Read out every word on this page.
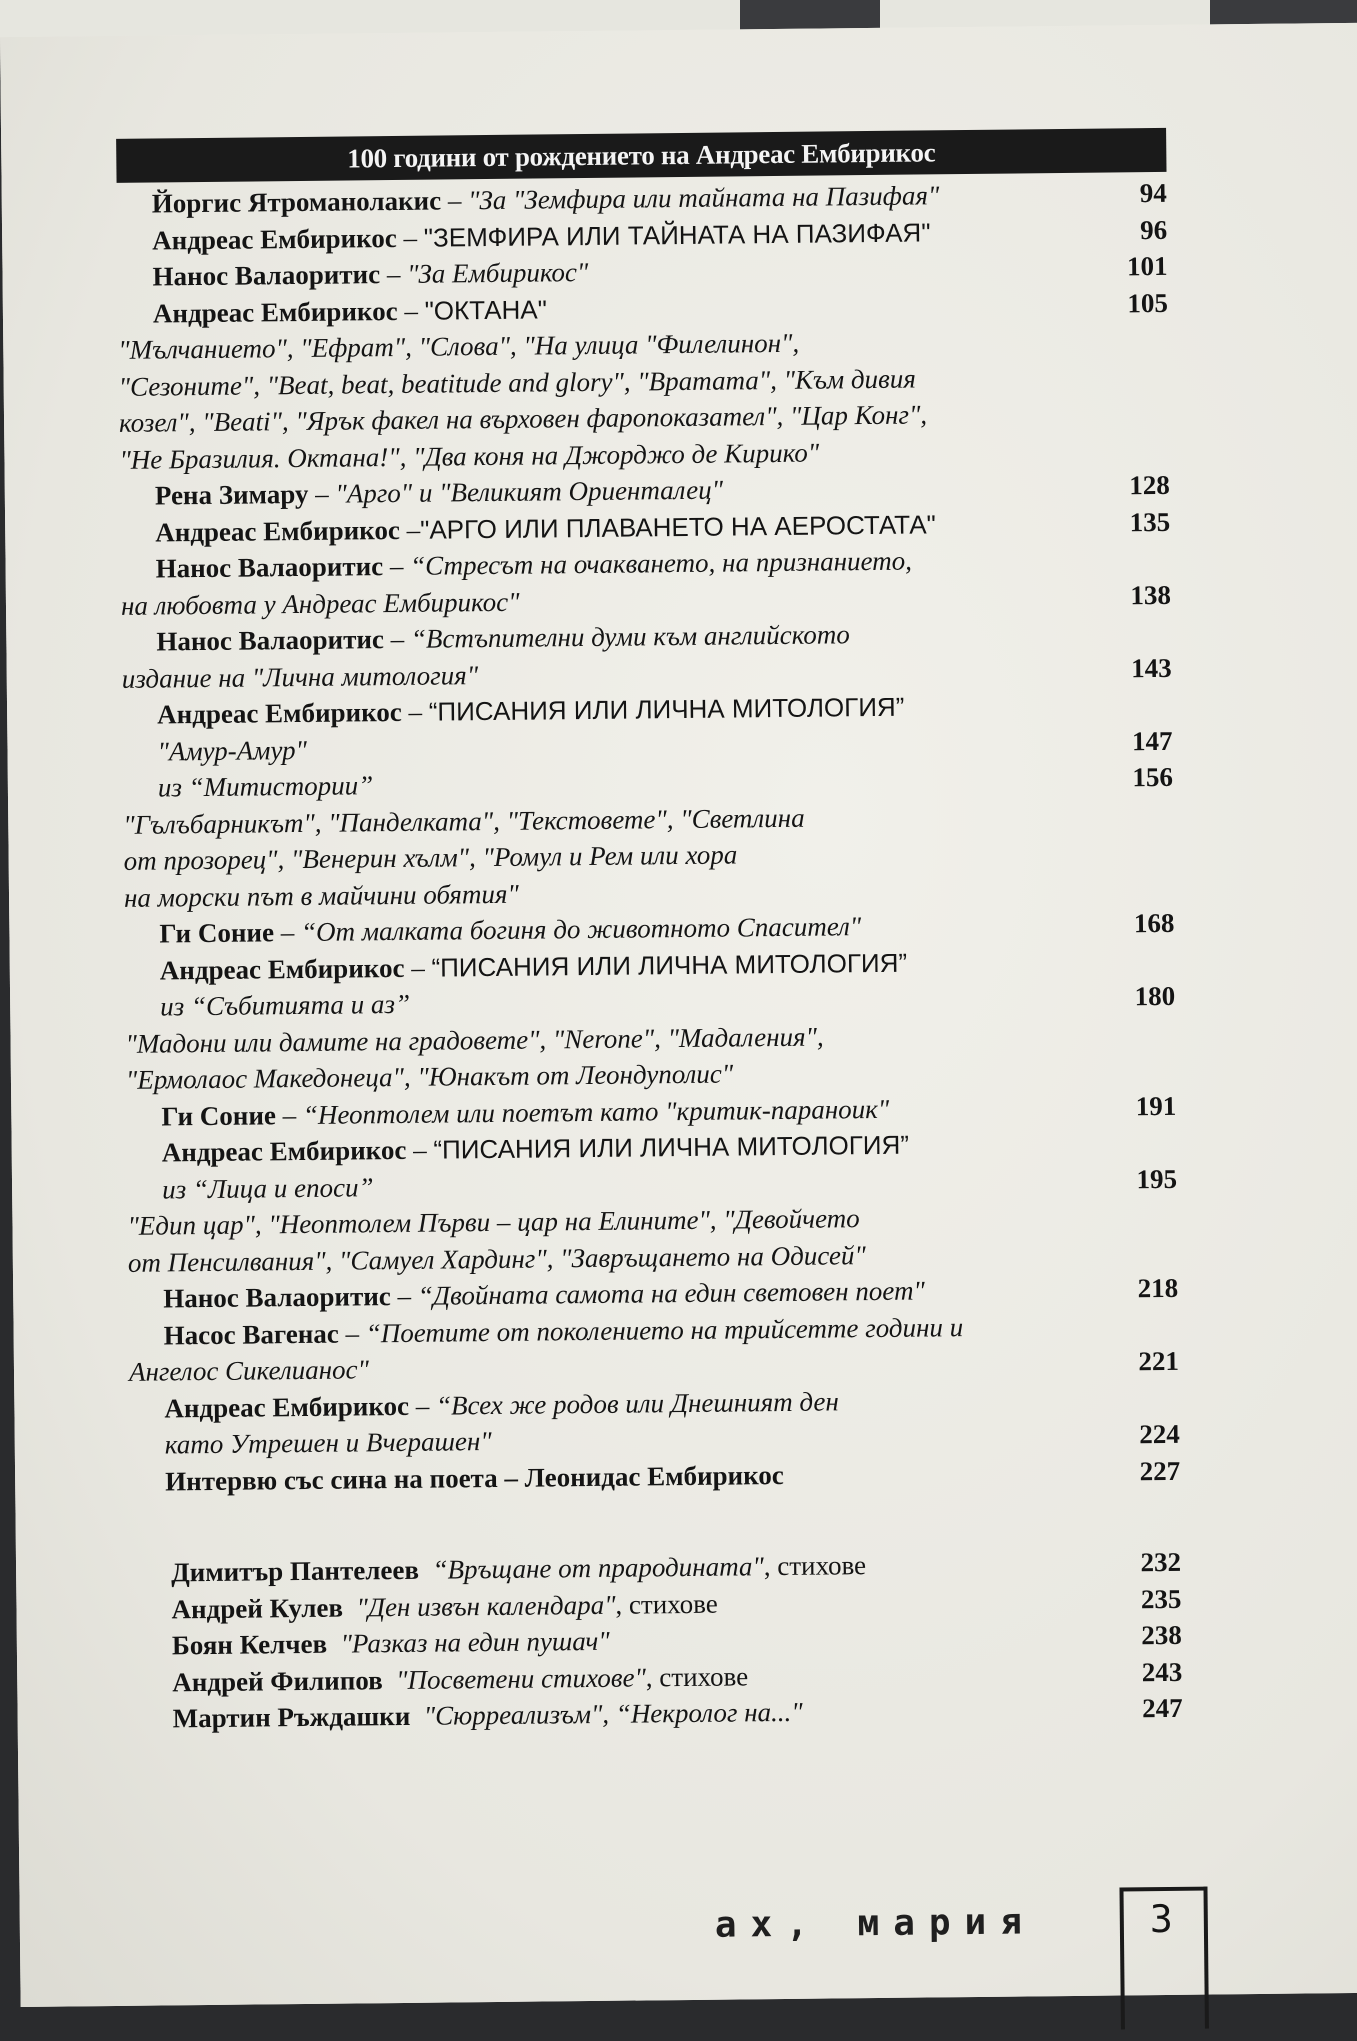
100 години от рождението на Андреас Ембирикос
Йоргис Ятроманолакис – "За "Земфира или тайната на Пазифая"	94
Андреас Ембирикос – "ЗЕМФИРА ИЛИ ТАЙНАТА НА ПАЗИФАЯ"	96
Нанос Валаоритис – "За Ембирикос"	101
Андреас Ембирикос – "ОКТАНА"	105
"Мълчанието", "Ефрат", "Слова", "На улица "Филелинон",
"Сезоните", "Beat, beat, beatitude and glory", "Вратата", "Към дивия
козел", "Beati", "Ярък факел на върховен фаропоказател", "Цар Конг",
"Не Бразилия. Октана!", "Два коня на Джорджо де Кирико"
Рена Зимару – "Арго" и "Великият Ориенталец"	128
Андреас Ембирикос –"АРГО ИЛИ ПЛАВАНЕТО НА АЕРОСТАТА"	135
Нанос Валаоритис – “Стресът на очакването, на признанието,
на любовта у Андреас Ембирикос"	138
Нанос Валаоритис – “Встъпителни думи към английското
издание на "Лична митология"	143
Андреас Ембирикос – “ПИСАНИЯ ИЛИ ЛИЧНА МИТОЛОГИЯ”
"Амур-Амур"	147
из “Митистории”	156
"Гълъбарникът", "Панделката", "Текстовете", "Светлина
от прозорец", "Венерин хълм", "Ромул и Рем или хора
на морски път в майчини обятия"
Ги Соние – “От малката богиня до животното Спасител"	168
Андреас Ембирикос – “ПИСАНИЯ ИЛИ ЛИЧНА МИТОЛОГИЯ”
из “Събитията и аз”	180
"Мадони или дамите на градовете", "Nerone", "Мадаления",
"Ермолаос Македонеца", "Юнакът от Леондуполис"
Ги Соние – “Неоптолем или поетът като "критик-параноик"	191
Андреас Ембирикос – “ПИСАНИЯ ИЛИ ЛИЧНА МИТОЛОГИЯ”
из “Лица и епоси”	195
"Едип цар", "Неоптолем Първи – цар на Елините", "Девойчето
от Пенсилвания", "Самуел Хардинг", "Завръщането на Одисей"
Нанос Валаоритис – “Двойната самота на един световен поет"	218
Насос Вагенас – “Поетите от поколението на трийсетте години и
Ангелос Сикелианос"	221
Андреас Ембирикос – “Всех же родов или Днешният ден
като Утрешен и Вчерашен"	224
Интервю със сина на поета – Леонидас Ембирикос	227
Димитър Пантелеев “Връщане от прародината", стихове	232
Андрей Кулев "Ден извън календара", стихове	235
Боян Келчев "Разказ на един пушач"	238
Андрей Филипов "Посветени стихове", стихове	243
Мартин Ръждашки "Сюрреализъм", “Некролог на..."	247
ах, мария	3
